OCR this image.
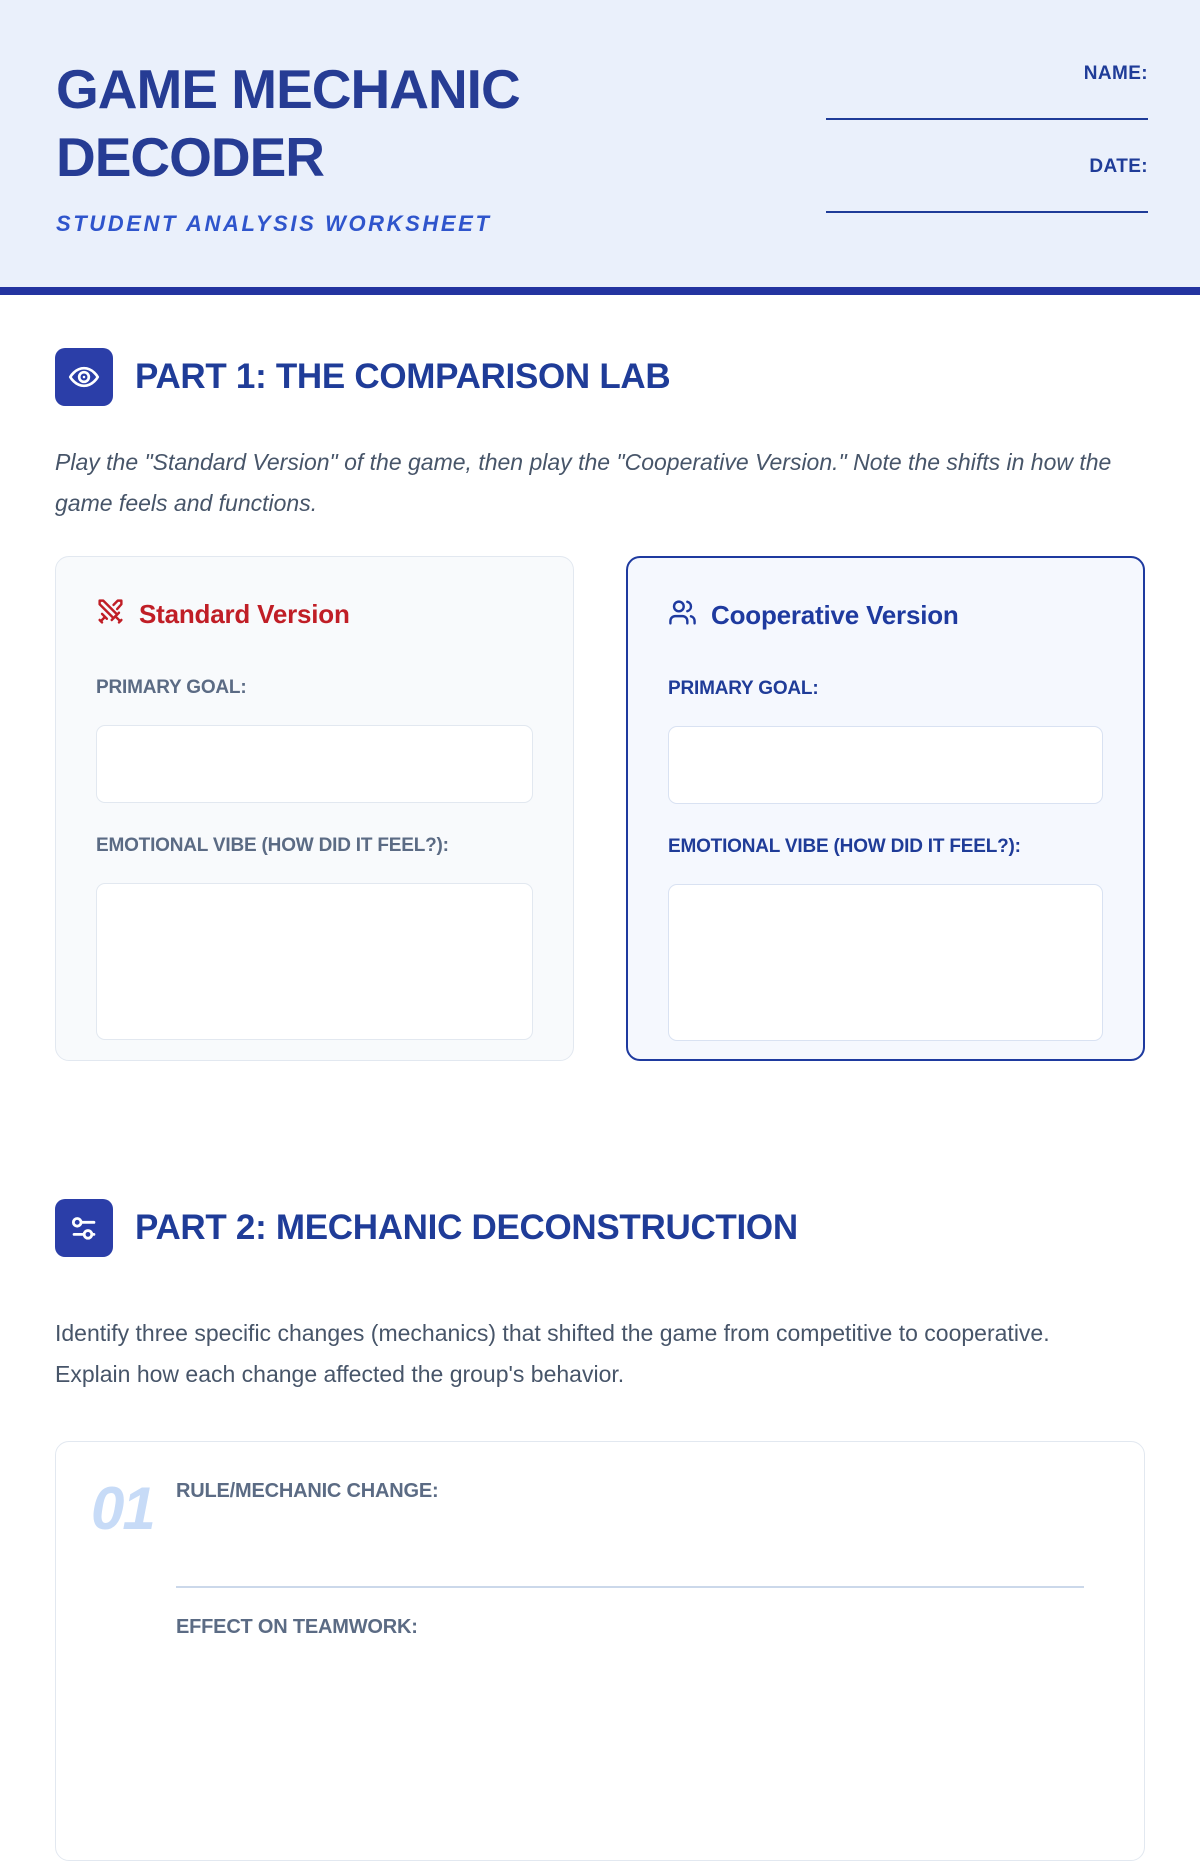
GAME MECHANIC
DECODER
STUDENT ANALYSIS WORKSHEET
NAME:
DATE:
PART 1: THE COMPARISON LAB

Play the "Standard Version" of the game, then play the "Cooperative Version." Note the shifts in how the game feels and functions.

Standard Version
PRIMARY GOAL:
EMOTIONAL VIBE (HOW DID IT FEEL?):
Cooperative Version
PRIMARY GOAL:
EMOTIONAL VIBE (HOW DID IT FEEL?):
PART 2: MECHANIC DECONSTRUCTION

Identify three specific changes (mechanics) that shifted the game from competitive to cooperative. Explain how each change affected the group's behavior.

01	RULE/MECHANIC CHANGE:
EFFECT ON TEAMWORK:
